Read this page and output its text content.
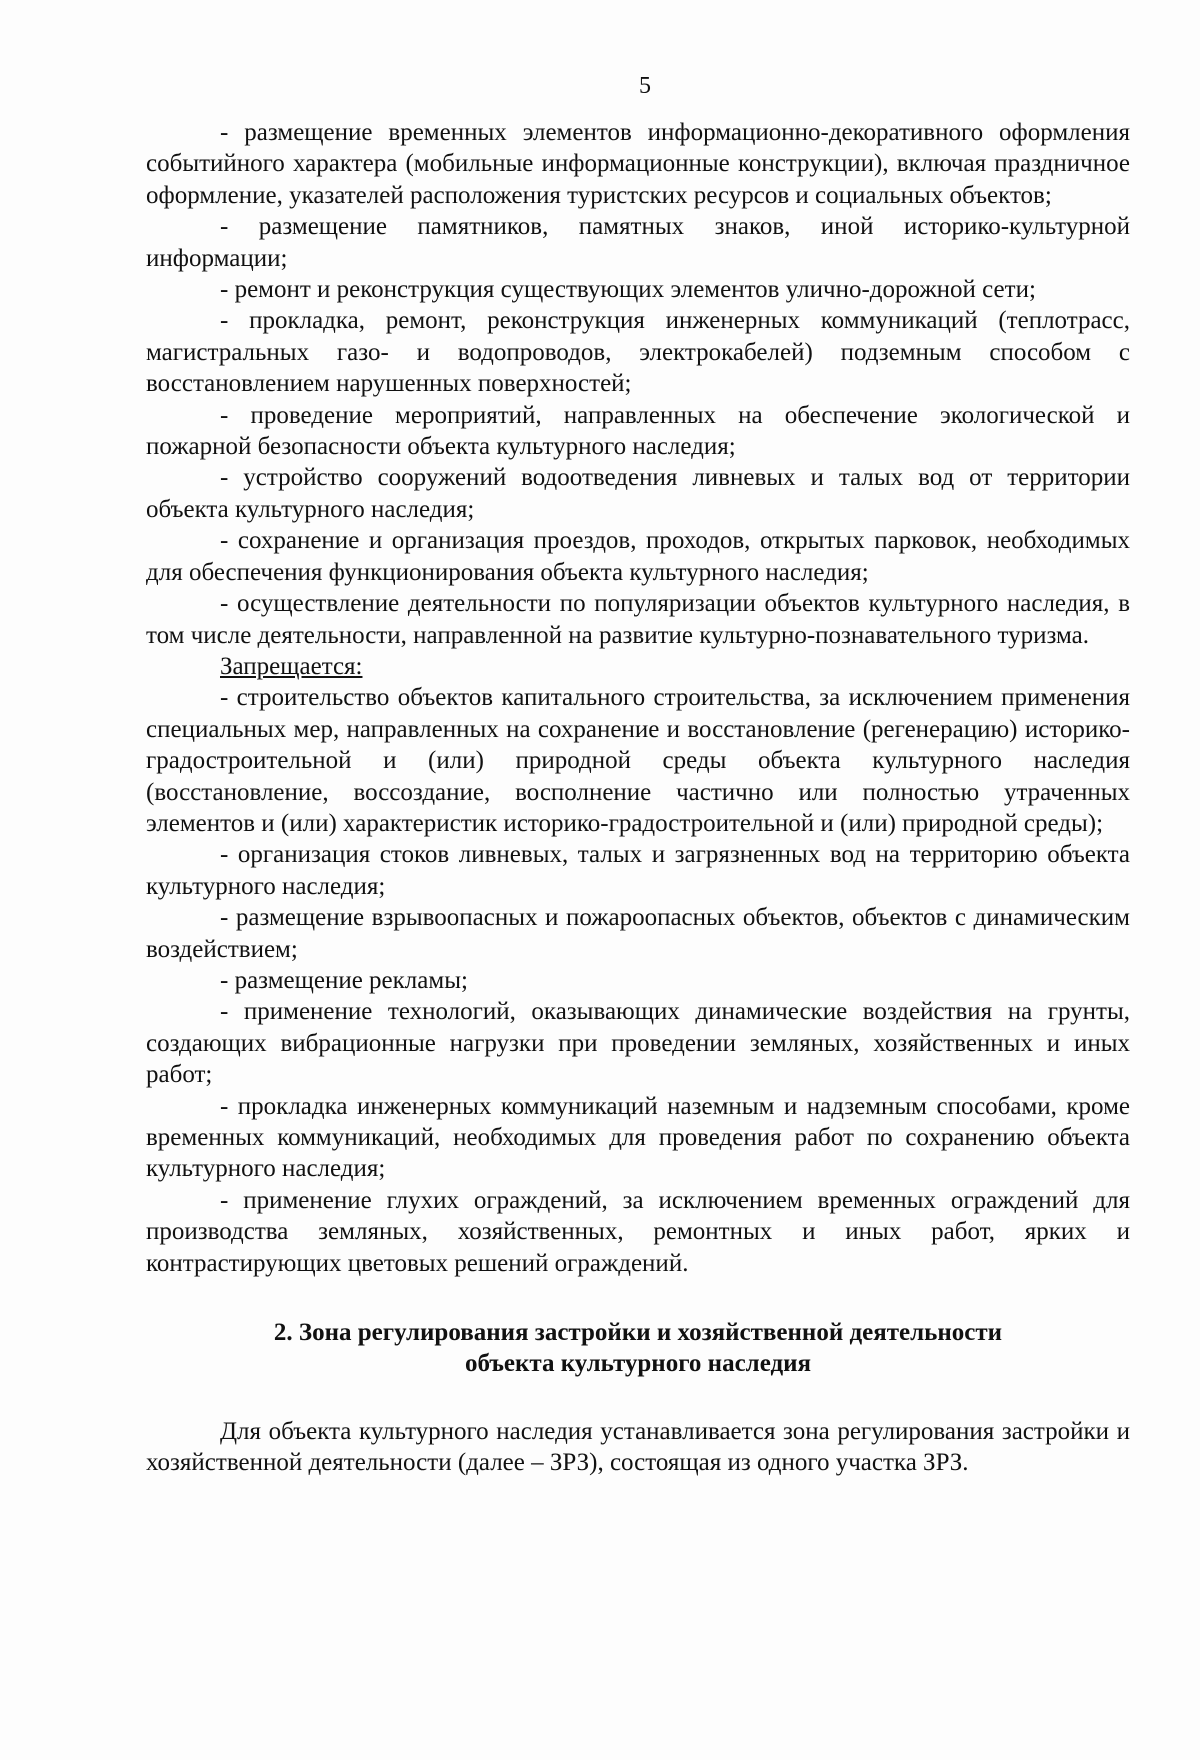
5

- размещение временных элементов информационно-декоративного оформления событийного характера (мобильные информационные конструкции), включая праздничное оформление, указателей расположения туристских ресурсов и социальных объектов;

- размещение памятников, памятных знаков, иной историко-культурной информации;

- ремонт и реконструкция существующих элементов улично-дорожной сети;

- прокладка, ремонт, реконструкция инженерных коммуникаций (теплотрасс, магистральных газо- и водопроводов, электрокабелей) подземным способом с восстановлением нарушенных поверхностей;

- проведение мероприятий, направленных на обеспечение экологической и пожарной безопасности объекта культурного наследия;

- устройство сооружений водоотведения ливневых и талых вод от территории объекта культурного наследия;

- сохранение и организация проездов, проходов, открытых парковок, необходимых для обеспечения функционирования объекта культурного наследия;

- осуществление деятельности по популяризации объектов культурного наследия, в том числе деятельности, направленной на развитие культурно-познавательного туризма.

Запрещается:

- строительство объектов капитального строительства, за исключением применения специальных мер, направленных на сохранение и восстановление (регенерацию) историко-градостроительной и (или) природной среды объекта культурного наследия (восстановление, воссоздание, восполнение частично или полностью утраченных элементов и (или) характеристик историко-градостроительной и (или) природной среды);

- организация стоков ливневых, талых и загрязненных вод на территорию объекта культурного наследия;

- размещение взрывоопасных и пожароопасных объектов, объектов с динамическим воздействием;

- размещение рекламы;

- применение технологий, оказывающих динамические воздействия на грунты, создающих вибрационные нагрузки при проведении земляных, хозяйственных и иных работ;

- прокладка инженерных коммуникаций наземным и надземным способами, кроме временных коммуникаций, необходимых для проведения работ по сохранению объекта культурного наследия;

- применение глухих ограждений, за исключением временных ограждений для производства земляных, хозяйственных, ремонтных и иных работ, ярких и контрастирующих цветовых решений ограждений.

2. Зона регулирования застройки и хозяйственной деятельности
объекта культурного наследия

Для объекта культурного наследия устанавливается зона регулирования застройки и хозяйственной деятельности (далее – ЗРЗ), состоящая из одного участка ЗРЗ.
